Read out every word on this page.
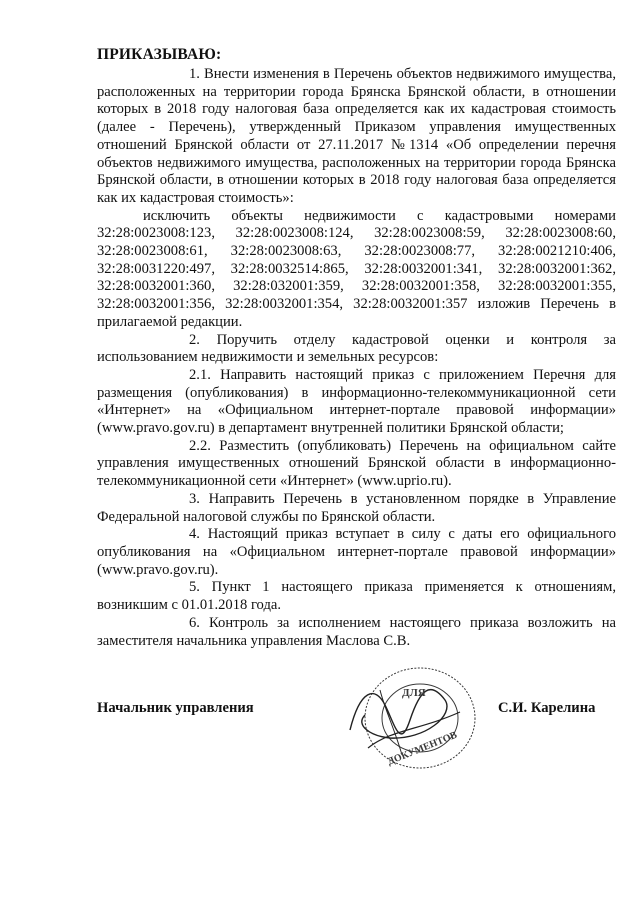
ПРИКАЗЫВАЮ:

1. Внести изменения в Перечень объектов недвижимого имущества, расположенных на территории города Брянска Брянской области, в отношении которых в 2018 году налоговая база определяется как их кадастровая стоимость (далее - Перечень), утвержденный Приказом управления имущественных отношений Брянской области от 27.11.2017 №1314 «Об определении перечня объектов недвижимого имущества, расположенных на территории города Брянска Брянской области, в отношении которых в 2018 году налоговая база определяется как их кадастровая стоимость»:

исключить объекты недвижимости с кадастровыми номерами 32:28:0023008:123, 32:28:0023008:124, 32:28:0023008:59, 32:28:0023008:60, 32:28:0023008:61, 32:28:0023008:63, 32:28:0023008:77, 32:28:0021210:406, 32:28:0031220:497, 32:28:0032514:865, 32:28:0032001:341, 32:28:0032001:362, 32:28:0032001:360, 32:28:032001:359, 32:28:0032001:358, 32:28:0032001:355, 32:28:0032001:356, 32:28:0032001:354, 32:28:0032001:357 изложив Перечень в прилагаемой редакции.

2. Поручить отделу кадастровой оценки и контроля за использованием недвижимости и земельных ресурсов:

2.1. Направить настоящий приказ с приложением Перечня для размещения (опубликования) в информационно-телекоммуникационной сети «Интернет» на «Официальном интернет-портале правовой информации» (www.pravo.gov.ru) в департамент внутренней политики Брянской области;

2.2. Разместить (опубликовать) Перечень на официальном сайте управления имущественных отношений Брянской области в информационно-телекоммуникационной сети «Интернет» (www.uprio.ru).

3. Направить Перечень в установленном порядке в Управление Федеральной налоговой службы по Брянской области.

4. Настоящий приказ вступает в силу с даты его официального опубликования на «Официальном интернет-портале правовой информации» (www.pravo.gov.ru).

5. Пункт 1 настоящего приказа применяется к отношениям, возникшим с 01.01.2018 года.

6. Контроль за исполнением настоящего приказа возложить на заместителя начальника управления Маслова С.В.

Начальник управления
ДЛЯ
ДОКУМЕНТОВ
С.И. Карелина
